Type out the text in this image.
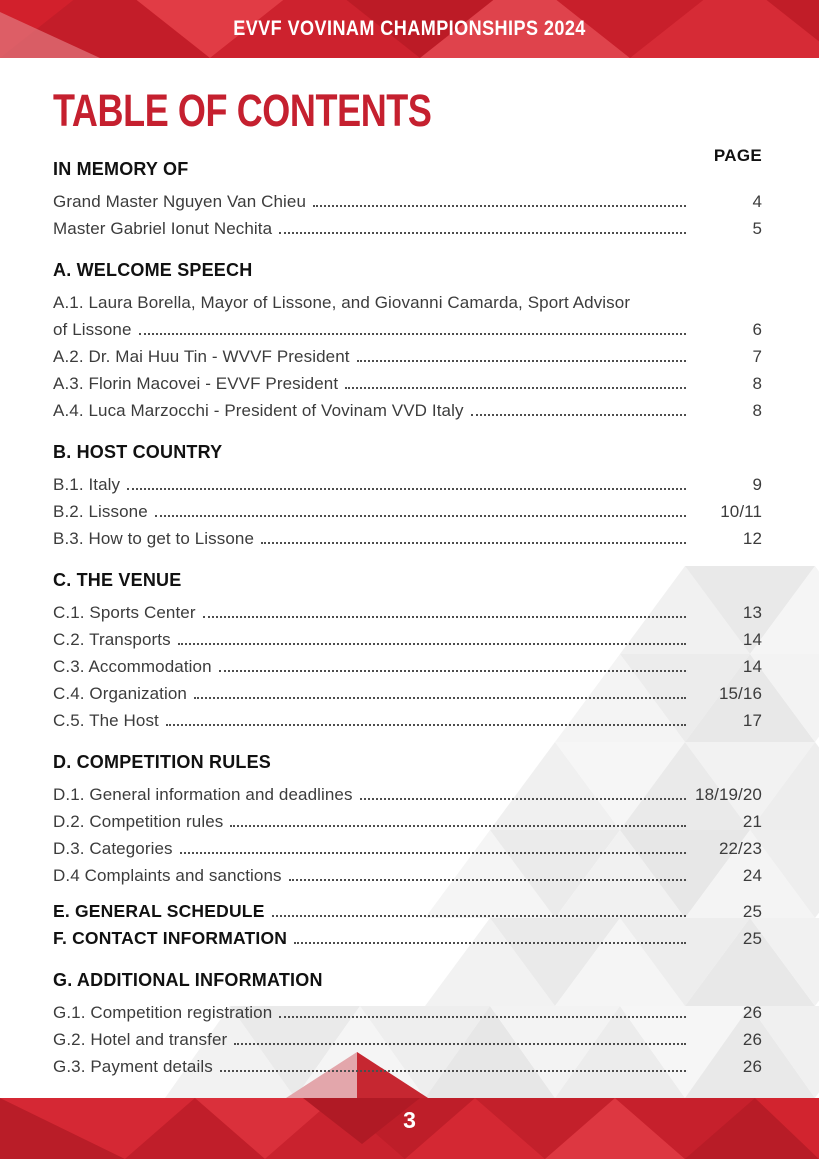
EVVF VOVINAM CHAMPIONSHIPS 2024
PAGE
TABLE OF CONTENTS
IN MEMORY OF
Grand Master Nguyen Van Chieu	4
Master Gabriel Ionut Nechita	5
A. WELCOME SPEECH
A.1. Laura Borella, Mayor of Lissone, and Giovanni Camarda, Sport Advisor
of Lissone	6
A.2. Dr. Mai Huu Tin - WVVF President	7
A.3. Florin Macovei - EVVF President	8
A.4. Luca Marzocchi - President of Vovinam VVD Italy	8
B. HOST COUNTRY
B.1. Italy	9
B.2. Lissone	10/11
B.3. How to get to Lissone	12
C. THE VENUE
C.1. Sports Center	13
C.2. Transports	14
C.3. Accommodation	14
C.4. Organization	15/16
C.5. The Host	17
D. COMPETITION RULES
D.1. General information and deadlines	18/19/20
D.2. Competition rules	21
D.3. Categories	22/23
D.4 Complaints and sanctions	24
E. GENERAL SCHEDULE	25
F. CONTACT INFORMATION	25
G. ADDITIONAL INFORMATION
G.1. Competition registration	26
G.2. Hotel and transfer	26
G.3. Payment details	26
3
